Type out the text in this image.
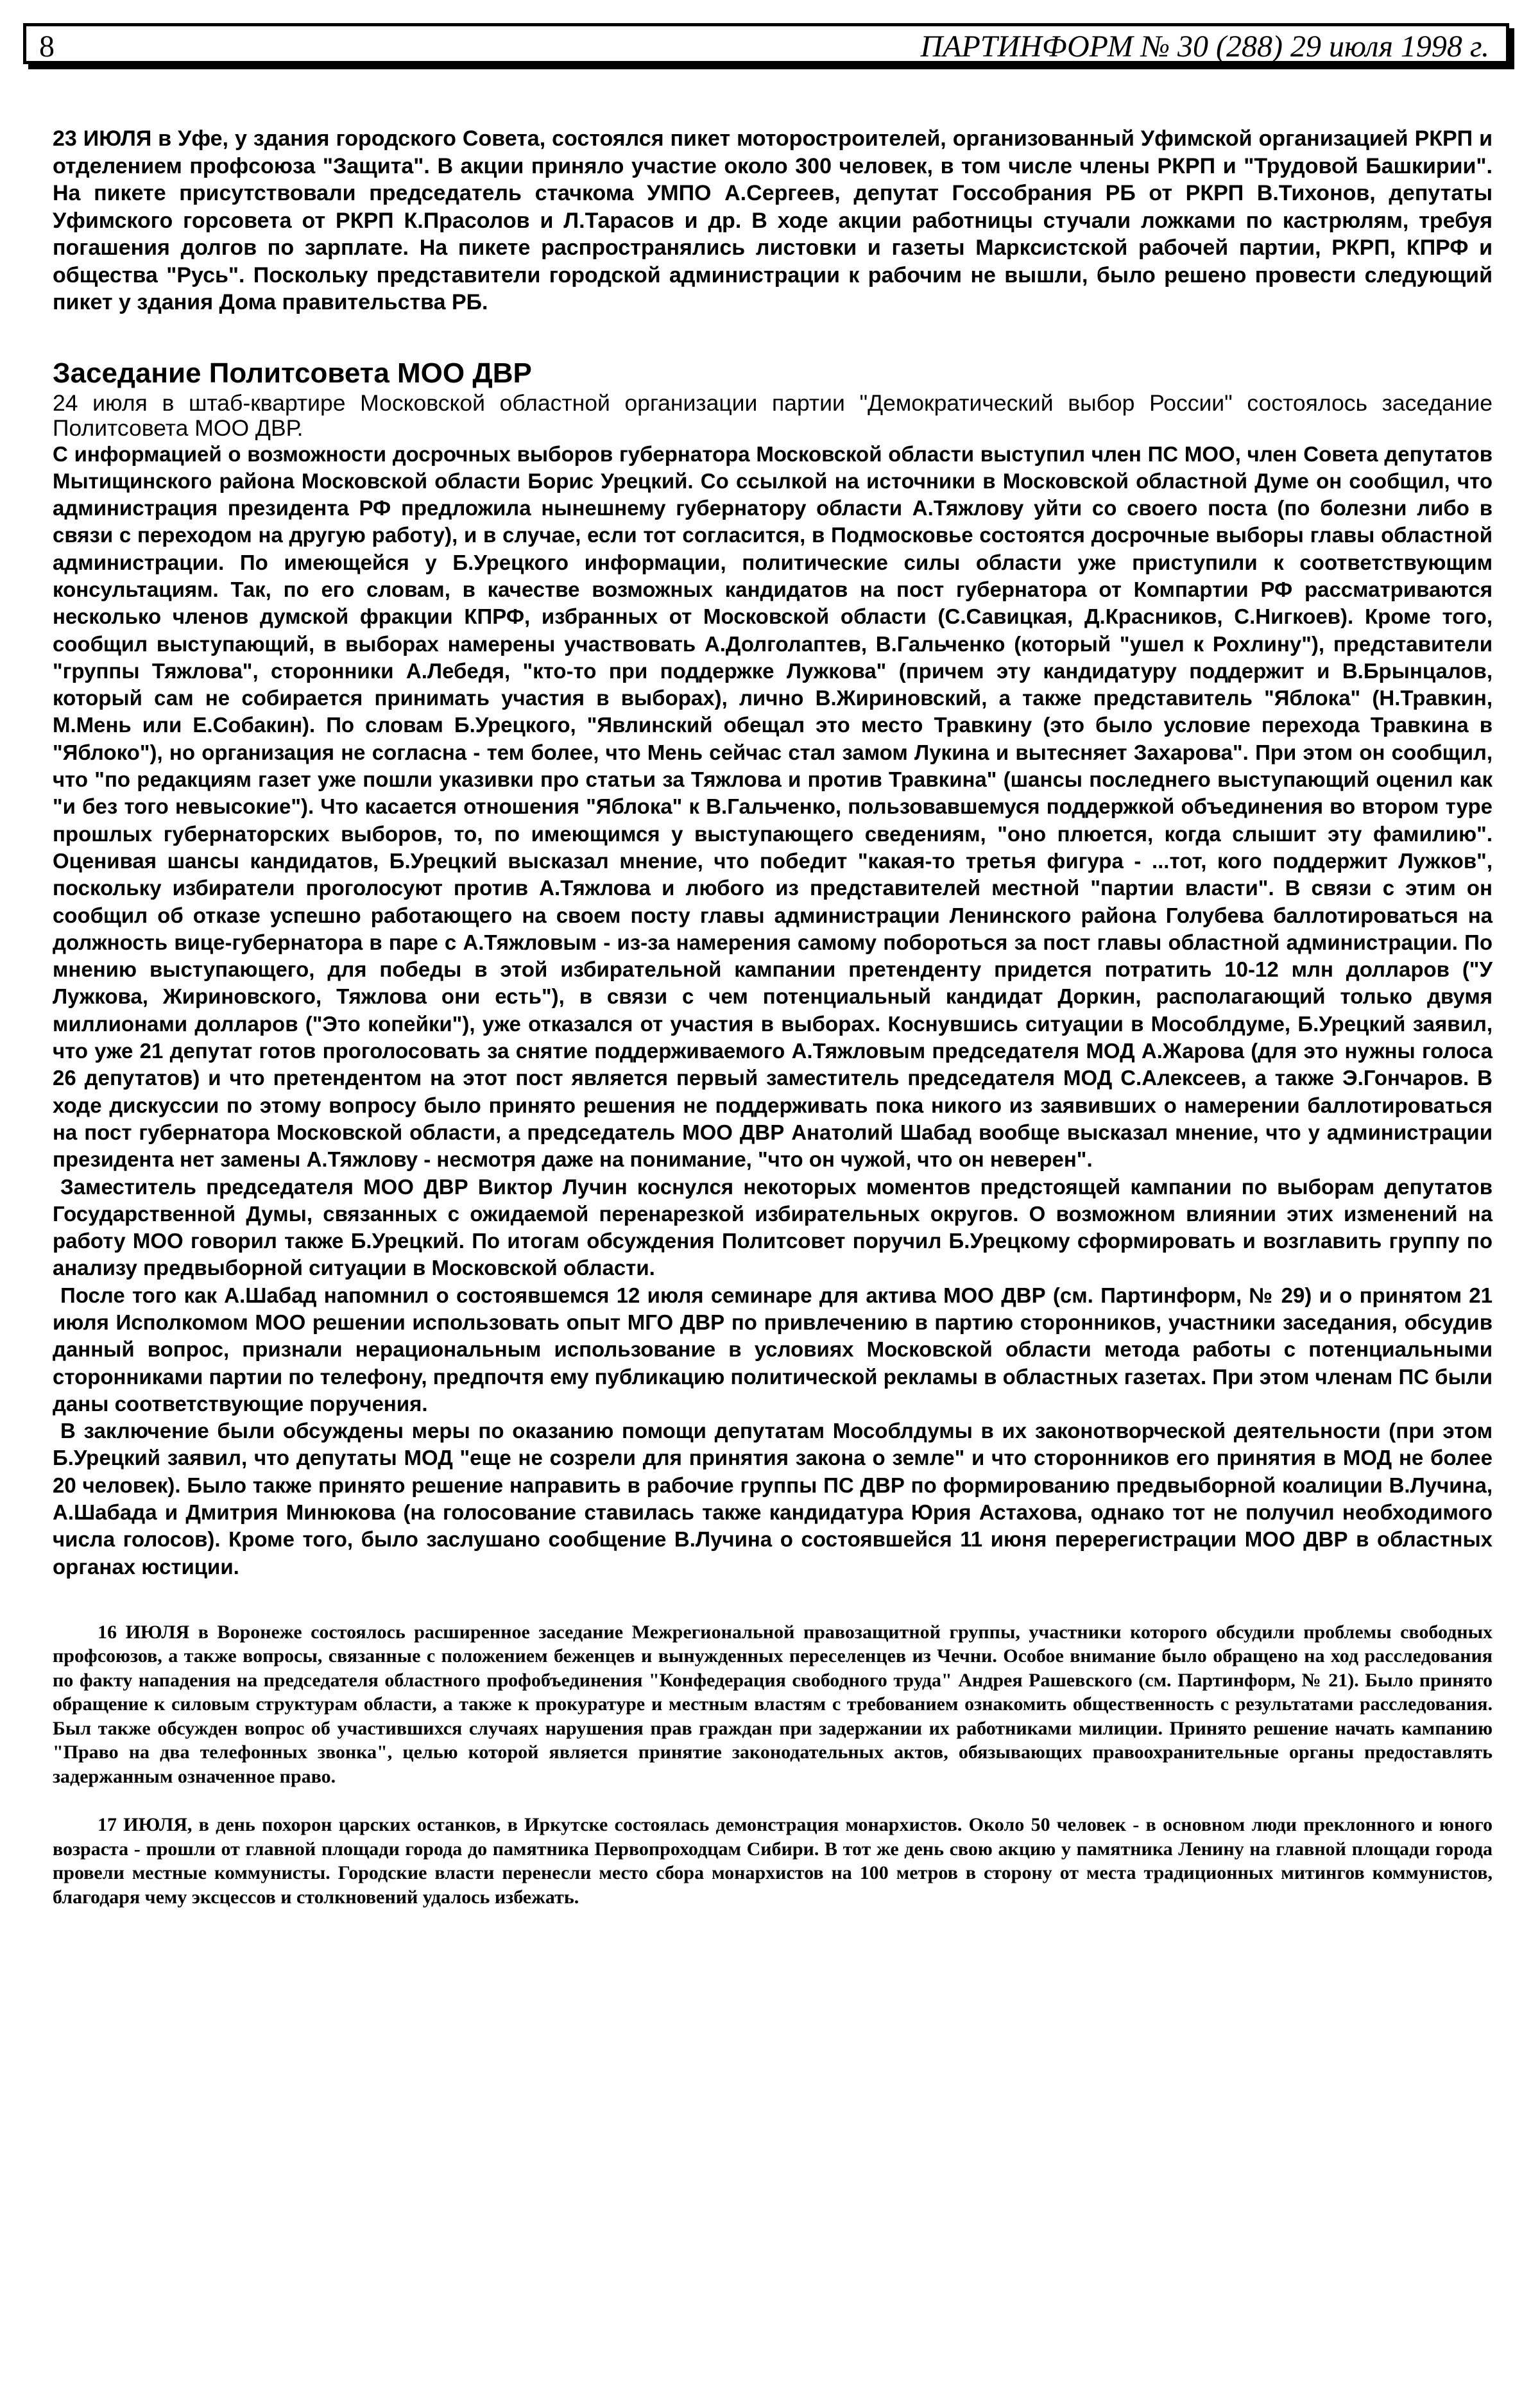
8	ПАРТИНФОРМ № 30 (288) 29 июля 1998 г.

23 ИЮЛЯ в Уфе, у здания городского Совета, состоялся пикет моторостроителей, организованный Уфимской организацией РКРП и отделением профсоюза "Защита". В акции приняло участие около 300 человек, в том числе члены РКРП и "Трудовой Башкирии". На пикете присутствовали председатель стачкома УМПО А.Сергеев, депутат Госсобрания РБ от РКРП В.Тихонов, депутаты Уфимского горсовета от РКРП К.Прасолов и Л.Тарасов и др. В ходе акции работницы стучали ложками по кастрюлям, требуя погашения долгов по зарплате. На пикете распространялись листовки и газеты Марксистской рабочей партии, РКРП, КПРФ и общества "Русь". Поскольку представители городской администрации к рабочим не вышли, было решено провести следующий пикет у здания Дома правительства РБ.

Заседание Политсовета МОО ДВР

24 июля в штаб-квартире Московской областной организации партии "Демократический выбор России" состоялось заседание Политсовета МОО ДВР.

С информацией о возможности досрочных выборов губернатора Московской области выступил член ПС МОО, член Совета депутатов Мытищинского района Московской области Борис Урецкий. Со ссылкой на источники в Московской областной Думе он сообщил, что администрация президента РФ предложила нынешнему губернатору области А.Тяжлову уйти со своего поста (по болезни либо в связи с переходом на другую работу), и в случае, если тот согласится, в Подмосковье состоятся досрочные выборы главы областной администрации. По имеющейся у Б.Урецкого информации, политические силы области уже приступили к соответствующим консультациям. Так, по его словам, в качестве возможных кандидатов на пост губернатора от Компартии РФ рассматриваются несколько членов думской фракции КПРФ, избранных от Московской области (С.Савицкая, Д.Красников, С.Нигкоев). Кроме того, сообщил выступающий, в выборах намерены участвовать А.Долголаптев, В.Гальченко (который "ушел к Рохлину"), представители "группы Тяжлова", сторонники А.Лебедя, "кто-то при поддержке Лужкова" (причем эту кандидатуру поддержит и В.Брынцалов, который сам не собирается принимать участия в выборах), лично В.Жириновский, а также представитель "Яблока" (Н.Травкин, М.Мень или Е.Собакин). По словам Б.Урецкого, "Явлинский обещал это место Травкину (это было условие перехода Травкина в "Яблоко"), но организация не согласна - тем более, что Мень сейчас стал замом Лукина и вытесняет Захарова". При этом он сообщил, что "по редакциям газет уже пошли указивки про статьи за Тяжлова и против Травкина" (шансы последнего выступающий оценил как "и без того невысокие"). Что касается отношения "Яблока" к В.Гальченко, пользовавшемуся поддержкой объединения во втором туре прошлых губернаторских выборов, то, по имеющимся у выступающего сведениям, "оно плюется, когда слышит эту фамилию". Оценивая шансы кандидатов, Б.Урецкий высказал мнение, что победит "какая-то третья фигура - ...тот, кого поддержит Лужков", поскольку избиратели проголосуют против А.Тяжлова и любого из представителей местной "партии власти". В связи с этим он сообщил об отказе успешно работающего на своем посту главы администрации Ленинского района Голубева баллотироваться на должность вице-губернатора в паре с А.Тяжловым - из-за намерения самому побороться за пост главы областной администрации. По мнению выступающего, для победы в этой избирательной кампании претенденту придется потратить 10-12 млн долларов ("У Лужкова, Жириновского, Тяжлова они есть"), в связи с чем потенциальный кандидат Доркин, располагающий только двумя миллионами долларов ("Это копейки"), уже отказался от участия в выборах. Коснувшись ситуации в Мособлдуме, Б.Урецкий заявил, что уже 21 депутат готов проголосовать за снятие поддерживаемого А.Тяжловым председателя МОД А.Жарова (для это нужны голоса 26 депутатов) и что претендентом на этот пост является первый заместитель председателя МОД С.Алексеев, а также Э.Гончаров. В ходе дискуссии по этому вопросу было принято решения не поддерживать пока никого из заявивших о намерении баллотироваться на пост губернатора Московской области, а председатель МОО ДВР Анатолий Шабад вообще высказал мнение, что у администрации президента нет замены А.Тяжлову - несмотря даже на понимание, "что он чужой, что он неверен".

Заместитель председателя МОО ДВР Виктор Лучин коснулся некоторых моментов предстоящей кампании по выборам депутатов Государственной Думы, связанных с ожидаемой перенарезкой избирательных округов. О возможном влиянии этих изменений на работу МОО говорил также Б.Урецкий. По итогам обсуждения Политсовет поручил Б.Урецкому сформировать и возглавить группу по анализу предвыборной ситуации в Московской области.

После того как А.Шабад напомнил о состоявшемся 12 июля семинаре для актива МОО ДВР (см. Партинформ, № 29) и о принятом 21 июля Исполкомом МОО решении использовать опыт МГО ДВР по привлечению в партию сторонников, участники заседания, обсудив данный вопрос, признали нерациональным использование в условиях Московской области метода работы с потенциальными сторонниками партии по телефону, предпочтя ему публикацию политической рекламы в областных газетах. При этом членам ПС были даны соответствующие поручения.

В заключение были обсуждены меры по оказанию помощи депутатам Мособлдумы в их законотворческой деятельности (при этом Б.Урецкий заявил, что депутаты МОД "еще не созрели для принятия закона о земле" и что сторонников его принятия в МОД не более 20 человек). Было также принято решение направить в рабочие группы ПС ДВР по формированию предвыборной коалиции В.Лучина, А.Шабада и Дмитрия Минюкова (на голосование ставилась также кандидатура Юрия Астахова, однако тот не получил необходимого числа голосов). Кроме того, было заслушано сообщение В.Лучина о состоявшейся 11 июня перерегистрации МОО ДВР в областных органах юстиции.

16 ИЮЛЯ в Воронеже состоялось расширенное заседание Межрегиональной правозащитной группы, участники которого обсудили проблемы свободных профсоюзов, а также вопросы, связанные с положением беженцев и вынужденных переселенцев из Чечни. Особое внимание было обращено на ход расследования по факту нападения на председателя областного профобъединения "Конфедерация свободного труда" Андрея Рашевского (см. Партинформ, № 21). Было принято обращение к силовым структурам области, а также к прокуратуре и местным властям с требованием ознакомить общественность с результатами расследования. Был также обсужден вопрос об участившихся случаях нарушения прав граждан при задержании их работниками милиции. Принято решение начать кампанию "Право на два телефонных звонка", целью которой является принятие законодательных актов, обязывающих правоохранительные органы предоставлять задержанным означенное право.

17 ИЮЛЯ, в день похорон царских останков, в Иркутске состоялась демонстрация монархистов. Около 50 человек - в основном люди преклонного и юного возраста - прошли от главной площади города до памятника Первопроходцам Сибири. В тот же день свою акцию у памятника Ленину на главной площади города провели местные коммунисты. Городские власти перенесли место сбора монархистов на 100 метров в сторону от места традиционных митингов коммунистов, благодаря чему эксцессов и столкновений удалось избежать.
